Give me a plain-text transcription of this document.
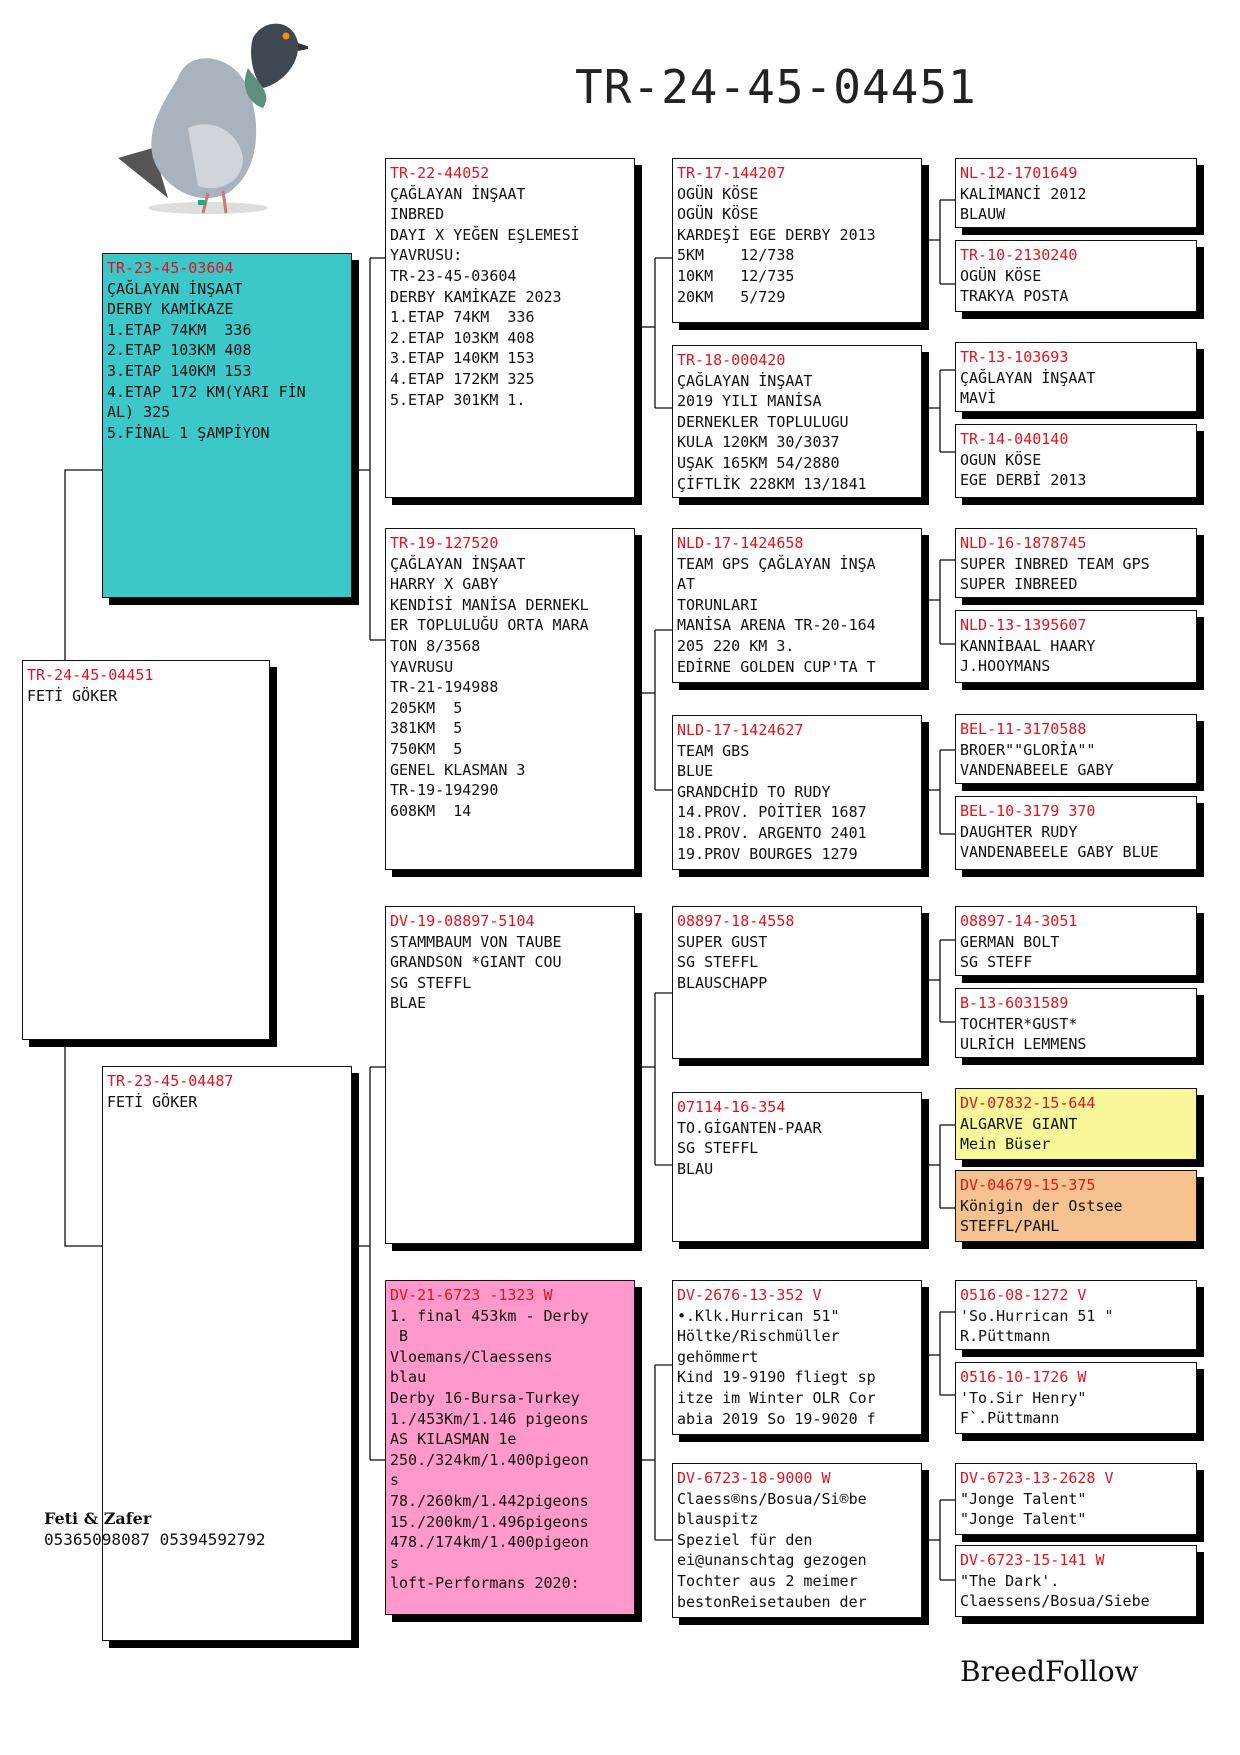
TR-24-45-04451
TR-24-45-04451
FETİ GÖKER
TR-23-45-03604
ÇAĞLAYAN İNŞAAT
DERBY KAMİKAZE
1.ETAP 74KM  336
2.ETAP 103KM 408
3.ETAP 140KM 153
4.ETAP 172 KM(YARI FİN
AL) 325
5.FİNAL 1 ŞAMPİYON
TR-23-45-04487
FETİ GÖKER
TR-22-44052
ÇAĞLAYAN İNŞAAT
INBRED
DAYI X YEĞEN EŞLEMESİ
YAVRUSU:
TR-23-45-03604
DERBY KAMİKAZE 2023
1.ETAP 74KM  336
2.ETAP 103KM 408
3.ETAP 140KM 153
4.ETAP 172KM 325
5.ETAP 301KM 1.
TR-19-127520
ÇAĞLAYAN İNŞAAT
HARRY X GABY
KENDİSİ MANİSA DERNEKL
ER TOPLULUĞU ORTA MARA
TON 8/3568
YAVRUSU
TR-21-194988
205KM  5
381KM  5
750KM  5
GENEL KLASMAN 3
TR-19-194290
608KM  14
DV-19-08897-5104
STAMMBAUM VON TAUBE
GRANDSON *GIANT COU
SG STEFFL
BLAE
DV-21-6723 -1323 W
1. final 453km - Derby
B
Vloemans/Claessens
blau
Derby 16-Bursa-Turkey
1./453Km/1.146 pigeons
AS KILASMAN 1e
250./324km/1.400pigeon
s
78./260km/1.442pigeons
15./200km/1.496pigeons
478./174km/1.400pigeon
s
loft-Performans 2020:
TR-17-144207
OGÜN KÖSE
OGÜN KÖSE
KARDEŞİ EGE DERBY 2013
5KM    12/738
10KM   12/735
20KM   5/729
TR-18-000420
ÇAĞLAYAN İNŞAAT
2019 YILI MANİSA
DERNEKLER TOPLULUGU
KULA 120KM 30/3037
UŞAK 165KM 54/2880
ÇİFTLİK 228KM 13/1841
NLD-17-1424658
TEAM GPS ÇAĞLAYAN İNŞA
AT
TORUNLARI
MANİSA ARENA TR-20-164
205 220 KM 3.
EDİRNE GOLDEN CUP'TA T
NLD-17-1424627
TEAM GBS
BLUE
GRANDCHİD TO RUDY
14.PROV. POİTİER 1687
18.PROV. ARGENTO 2401
19.PROV BOURGES 1279
08897-18-4558
SUPER GUST
SG STEFFL
BLAUSCHAPP
07114-16-354
TO.GİGANTEN-PAAR
SG STEFFL
BLAU
DV-2676-13-352 V
•.Klk.Hurrican 51"
Höltke/Rischmüller
gehömmert
Kind 19-9190 fliegt sp
itze im Winter OLR Cor
abia 2019 So 19-9020 f
DV-6723-18-9000 W
Claess®ns/Bosua/Si®be
blauspitz
Speziel für den
ei@unanschtag gezogen
Tochter aus 2 meimer
bestonReisetauben der
NL-12-1701649
KALİMANCİ 2012
BLAUW
TR-10-2130240
OGÜN KÖSE
TRAKYA POSTA
TR-13-103693
ÇAĞLAYAN İNŞAAT
MAVİ
TR-14-040140
OGUN KÖSE
EGE DERBİ 2013
NLD-16-1878745
SUPER INBRED TEAM GPS
SUPER INBREED
NLD-13-1395607
KANNİBAAL HAARY
J.HOOYMANS
BEL-11-3170588
BROER""GLORİA""
VANDENABEELE GABY
BEL-10-3179 370
DAUGHTER RUDY
VANDENABEELE GABY BLUE
08897-14-3051
GERMAN BOLT
SG STEFF
B-13-6031589
TOCHTER*GUST*
ULRİCH LEMMENS
DV-07832-15-644
ALGARVE GIANT
Mein Büser
DV-04679-15-375
Königin der Ostsee
STEFFL/PAHL
0516-08-1272 V
'So.Hurrican 51 "
R.Püttmann
0516-10-1726 W
'To.Sir Henry"
F`.Püttmann
DV-6723-13-2628 V
"Jonge Talent"
"Jonge Talent"
DV-6723-15-141 W
"The Dark'.
Claessens/Bosua/Siebe
Feti & Zafer
05365098087 05394592792
BreedFollow
